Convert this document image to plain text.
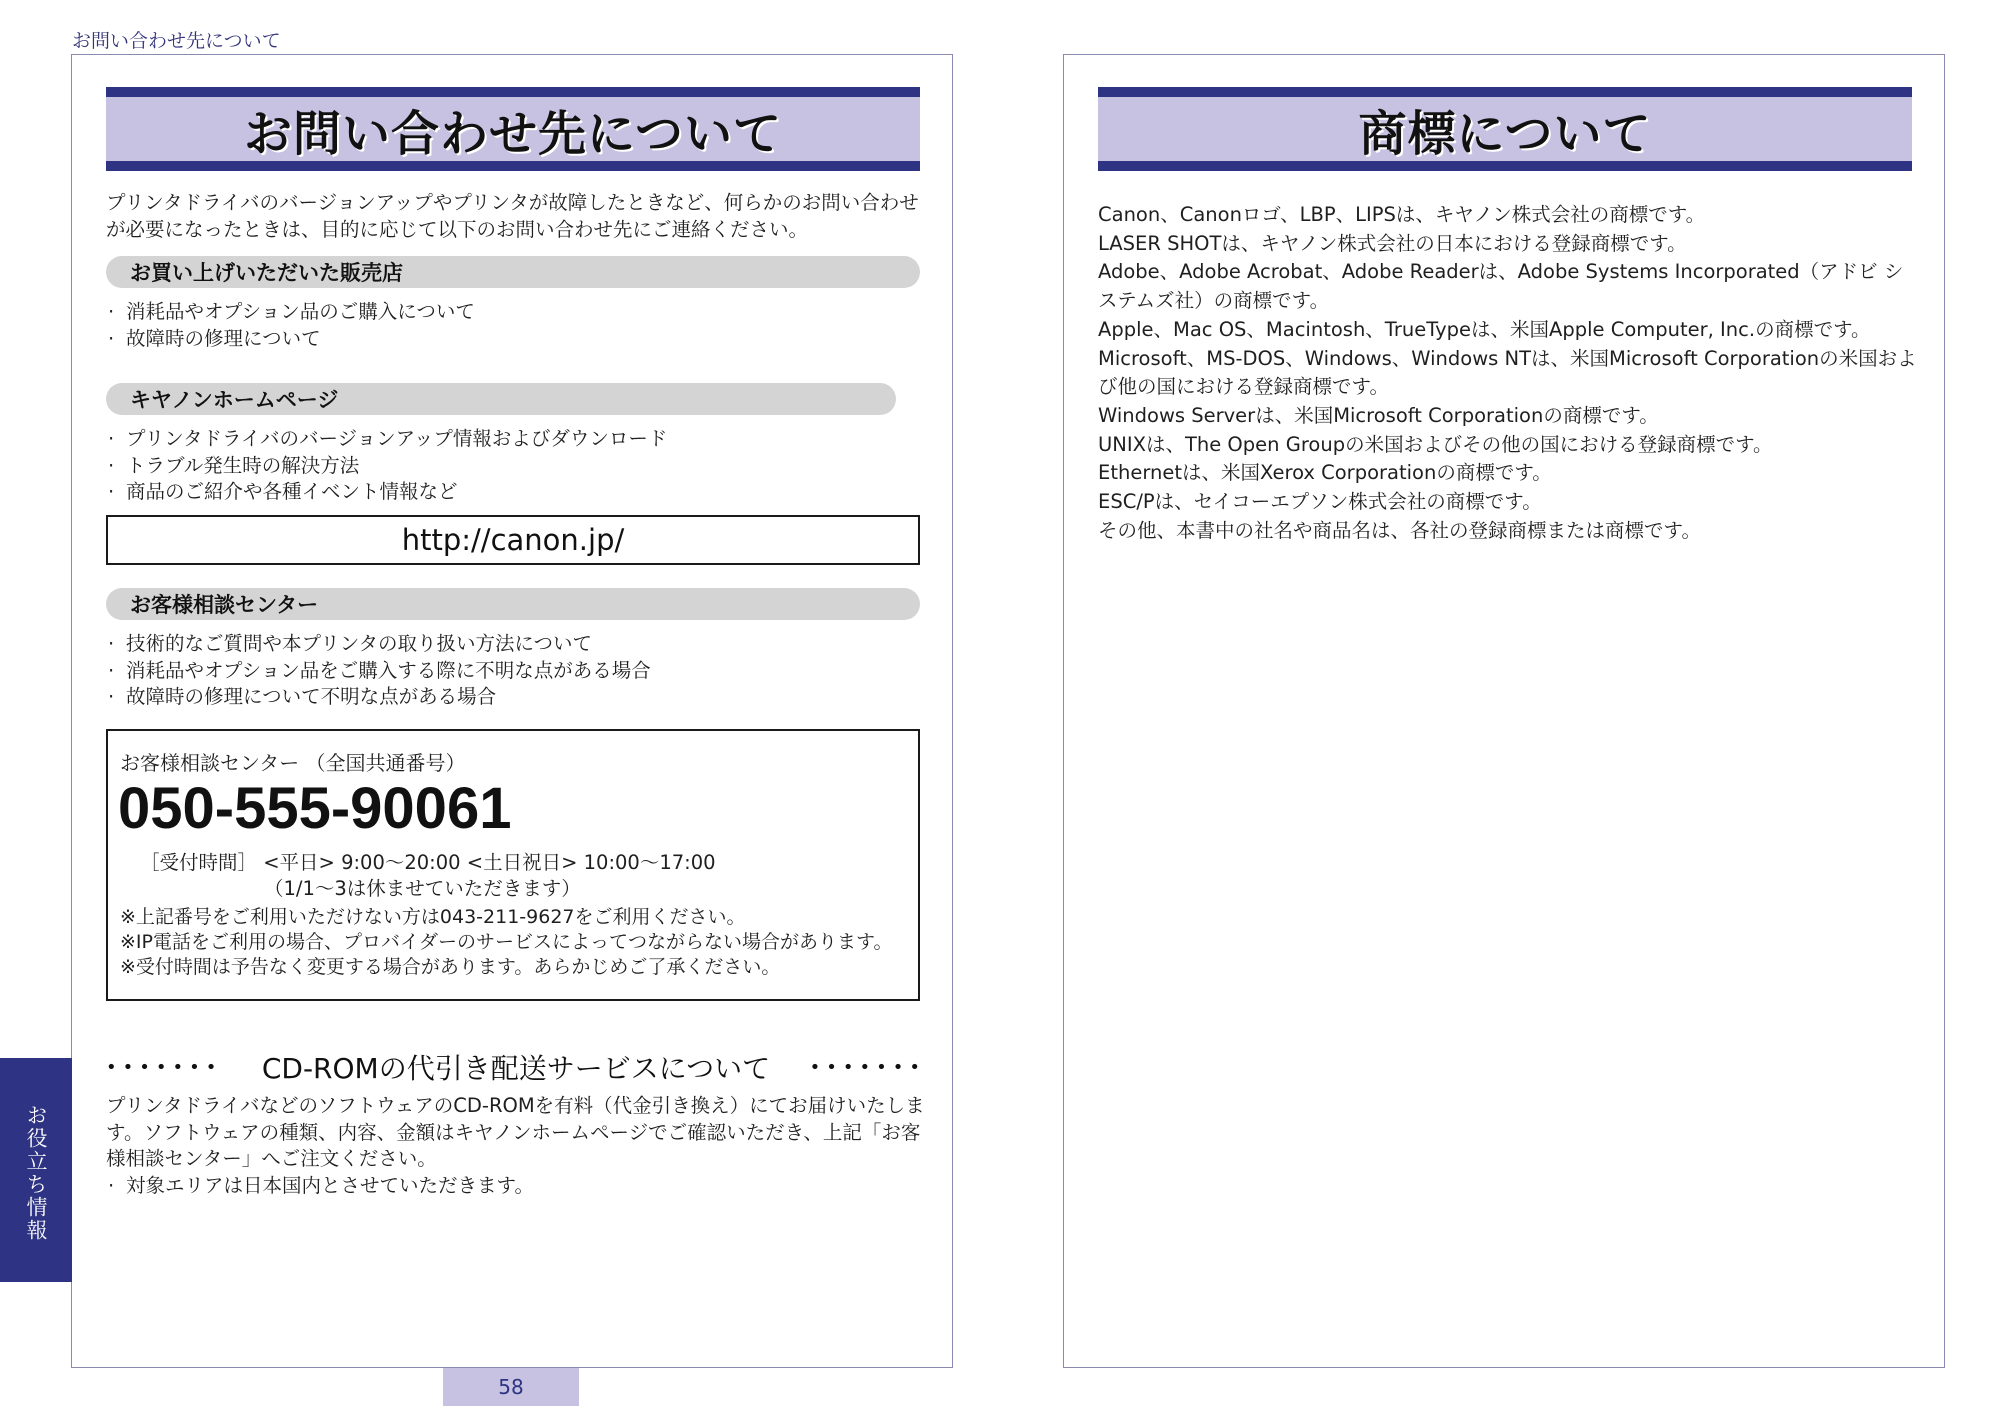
お問い合わせ先について
お問い合わせ先について

プリンタドライバのバージョンアップやプリンタが故障したときなど、何らかのお問い合わせが必要になったときは、目的に応じて以下のお問い合わせ先にご連絡ください。

お買い上げいただいた販売店
· 消耗品やオプション品のご購入について
· 故障時の修理について
キヤノンホームページ
· プリンタドライバのバージョンアップ情報およびダウンロード
· トラブル発生時の解決方法
· 商品のご紹介や各種イベント情報など
http://canon.jp/
お客様相談センター
· 技術的なご質問や本プリンタの取り扱い方法について
· 消耗品やオプション品をご購入する際に不明な点がある場合
· 故障時の修理について不明な点がある場合
お客様相談センター （全国共通番号）
050-555-90061
［受付時間］ <平日> 9:00～20:00 <土日祝日> 10:00～17:00
（1/1～3は休ませていただきます）
※上記番号をご利用いただけない方は043-211-9627をご利用ください。
※IP電話をご利用の場合、プロバイダーのサービスによってつながらない場合があります。
※受付時間は予告なく変更する場合があります。あらかじめご了承ください。
••••••• CD-ROMの代引き配送サービスについて •••••••

プリンタドライバなどのソフトウェアのCD-ROMを有料（代金引き換え）にてお届けいたします。ソフトウェアの種類、内容、金額はキヤノンホームページでご確認いただき、上記「お客様相談センター」へご注文ください。

· 対象エリアは日本国内とさせていただきます。
58
お役立ち情報
商標について
Canon、Canonロゴ、LBP、LIPSは、キヤノン株式会社の商標です。
LASER SHOTは、キヤノン株式会社の日本における登録商標です。
Adobe、Adobe Acrobat、Adobe Readerは、Adobe Systems Incorporated（アドビ システムズ社）の商標です。
Apple、Mac OS、Macintosh、TrueTypeは、米国Apple Computer, Inc.の商標です。
Microsoft、MS-DOS、Windows、Windows NTは、米国Microsoft Corporationの米国および他の国における登録商標です。
Windows Serverは、米国Microsoft Corporationの商標です。
UNIXは、The Open Groupの米国およびその他の国における登録商標です。
Ethernetは、米国Xerox Corporationの商標です。
ESC/Pは、セイコーエプソン株式会社の商標です。
その他、本書中の社名や商品名は、各社の登録商標または商標です。
